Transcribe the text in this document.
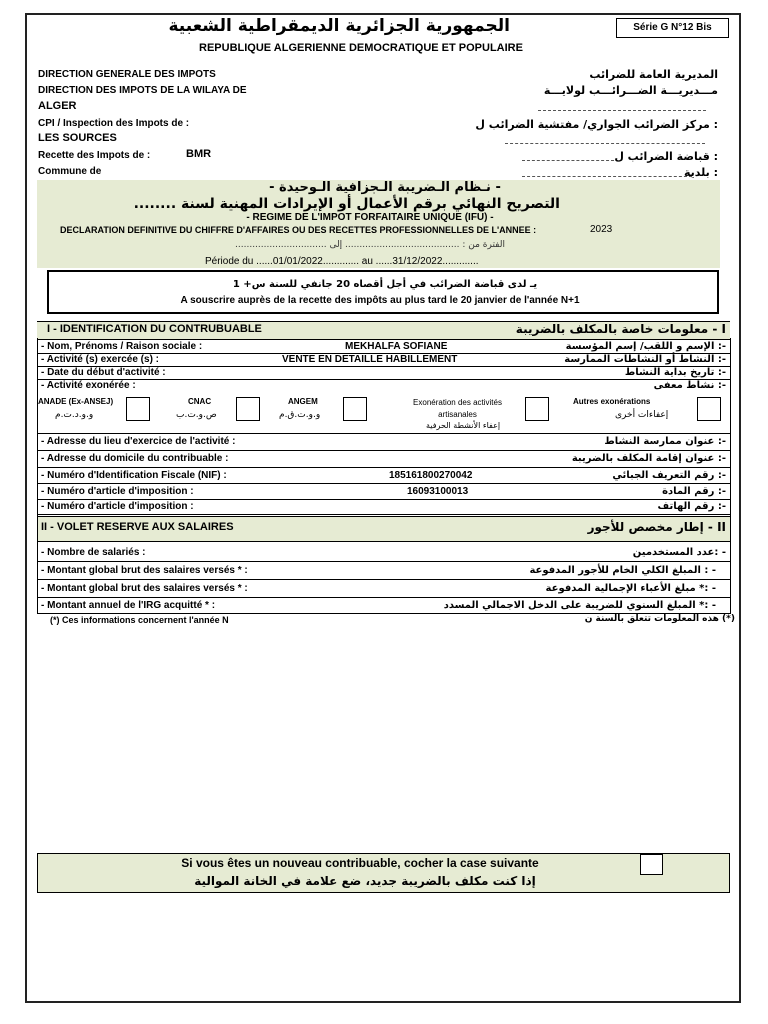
Série G N°12 Bis
الجمهورية الجزائرية الديمقراطية الشعبية
REPUBLIQUE ALGERIENNE DEMOCRATIQUE ET POPULAIRE
DIRECTION GENERALE DES IMPOTS
DIRECTION DES IMPOTS DE LA WILAYA DE
ALGER
CPI / Inspection des Impots de :
LES SOURCES
Recette des Impots de :	BMR
Commune de
المديرية العامة للضرائب
مـــديريـــة الضـــرائـــب لولايـــة
: مركز الضرائب الجواري/ مفتشية الضرائب ل
: قباضة الضرائب ل
: بلدية
- نـظام الـضريبة الـجزافية الـوحيدة -
التصريح النهائي برقم الأعمال أو الإيرادات المهنية لسنة ........
- REGIME DE L'IMPOT FORFAITAIRE UNIQUE (IFU) -
DECLARATION DEFINITIVE DU CHIFFRE D'AFFAIRES OU DES RECETTES PROFESSIONNELLES DE L'ANNEE :	2023
الفترة من : ........................................ إلى ................................
Période du ......01/01/2022............. au ......31/12/2022.............
يـ لدى قباضة الضرائب في أجل أقصاه 20 جانفي للسنة س+ 1
A souscrire auprès de la recette des impôts au plus tard le 20 janvier de l'année N+1
I - IDENTIFICATION DU CONTRUBUABLE	I - معلومات خاصة بالمكلف بالضريبة
- Nom, Prénoms / Raison sociale :	MEKHALFA SOFIANE	-: الإسم و اللقب/ إسم المؤسسة
- Activité (s) exercée (s) :	VENTE EN DETAILLE HABILLEMENT	-: النشاط أو النشاطات الممارسة
- Date du début d'activité :	-: تاريخ بداية النشاط
- Activité exonérée :	-: نشاط معفى
ANADE (Ex-ANSEJ)
و.و.د.ت.م
CNAC
ص.و.ت.ب
ANGEM
و.و.ت.ق.م
Exonération des activités artisanales
إعفاء الأنشطة الحرفية
Autres exonérations
إعفاءات أخرى
- Adresse du lieu d'exercice de l'activité :	-: عنوان ممارسة النشاط
- Adresse du domicile du contribuable :	-: عنوان إقامة المكلف بالضريبة
- Numéro d'Identification Fiscale (NIF) :	185161800270042	-: رقم التعريف الجبائي
- Numéro d'article d'imposition :	16093100013	-: رقم المادة
- Numéro d'article d'imposition :	-: رقم الهاتف
II - VOLET RESERVE AUX SALAIRES	II - إطار مخصص للأجور
- Nombre de salariés :	- :عدد المستخدمين
- Montant global brut des salaires versés * :	- : المبلغ الكلي الخام للأجور المدفوعة
- Montant global brut des salaires versés * :	- :* مبلغ الأعباء الإجمالية المدفوعة
- Montant annuel de l'IRG acquitté * :	- :* المبلغ السنوي للضريبة على الدخل الاجمالي المسدد
(*) Ces informations concernent l'année N	(*) هذه المعلومات تتعلق بالسنة ن
Si vous êtes un nouveau contribuable, cocher la case suivante
إذا كنت مكلف بالضريبة جديد، ضع علامة في الخانة الموالية
